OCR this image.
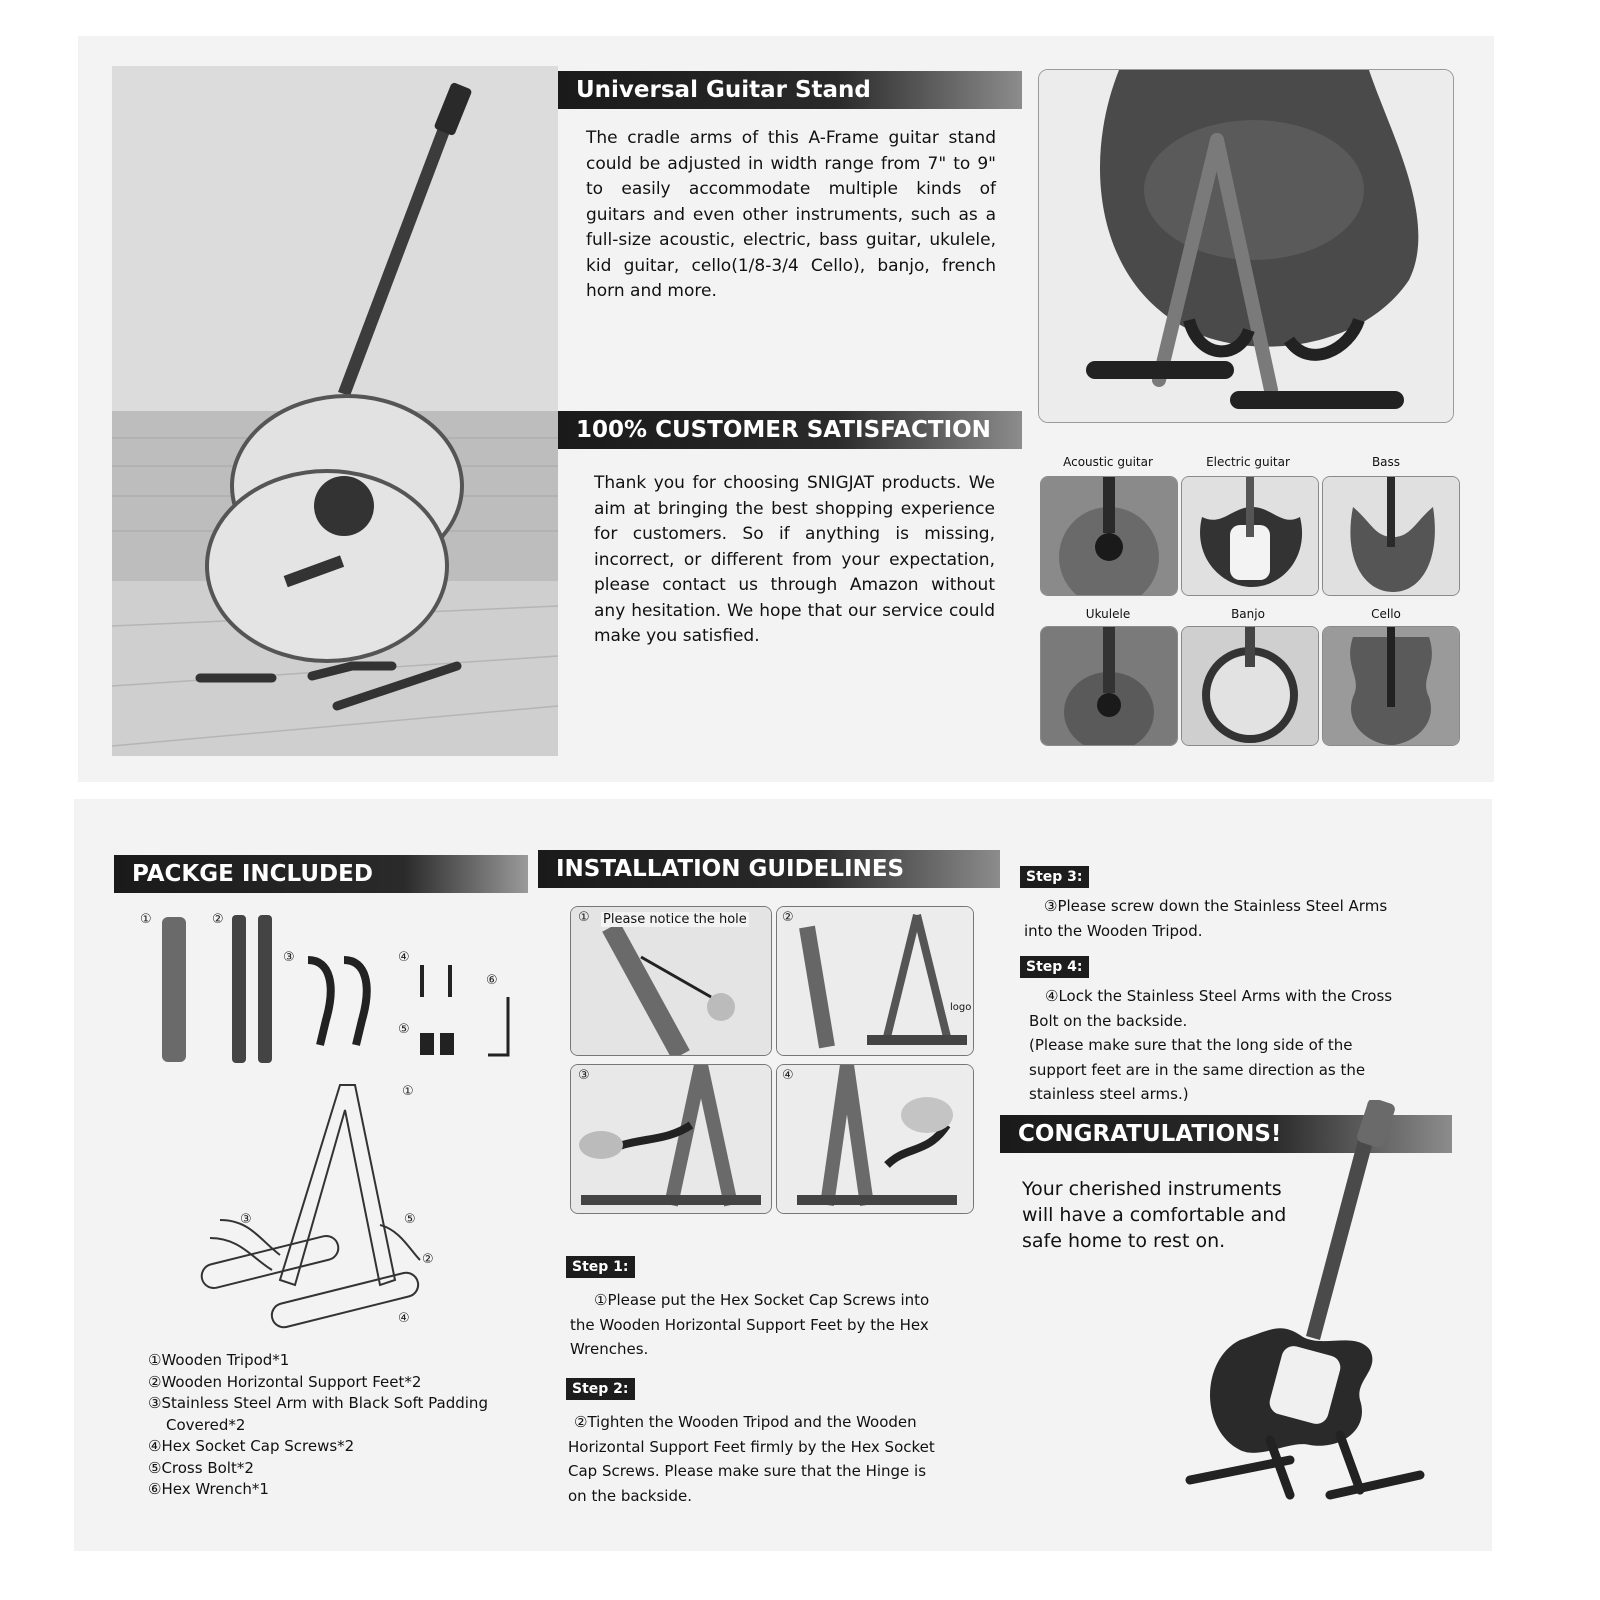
Universal Guitar Stand
The cradle arms of this A-Frame guitar stand could be adjusted in width range from 7" to 9" to easily accommodate multiple kinds of guitars and even other instruments, such as a full-size acoustic, electric, bass guitar, ukulele, kid guitar, cello(1/8-3/4 Cello), banjo, french horn and more.
100% CUSTOMER SATISFACTION
Thank you for choosing SNIGJAT products. We aim at bringing the best shopping experience for customers. So if anything is missing, incorrect, or different from your expectation, please contact us through Amazon without any hesitation. We hope that our service could make you satisfied.
Acoustic guitar	Electric guitar	Bass
Ukulele	Banjo	Cello
PACKGE INCLUDED
①	②
③	④
⑤
⑥
①
③	⑤
②
④
①Wooden Tripod*1
②Wooden Horizontal Support Feet*2
③Stainless Steel Arm with Black Soft Padding
Covered*2
④Hex Socket Cap Screws*2
⑤Cross Bolt*2
⑥Hex Wrench*1
INSTALLATION GUIDELINES
① Please notice the hole	②
logo
③	④
Step 1:
①Please put the Hex Socket Cap Screws into
the Wooden Horizontal Support Feet by the Hex
Wrenches.
Step 2:
②Tighten the Wooden Tripod and the Wooden
Horizontal Support Feet firmly by the Hex Socket
Cap Screws. Please make sure that the Hinge is
on the backside.
Step 3:
③Please screw down the Stainless Steel Arms
into the Wooden Tripod.
Step 4:
④Lock the Stainless Steel Arms with the Cross
Bolt on the backside.
(Please make sure that the long side of the
support feet are in the same direction as the
stainless steel arms.)
CONGRATULATIONS!
Your cherished instruments
will have a comfortable and
safe home to rest on.
